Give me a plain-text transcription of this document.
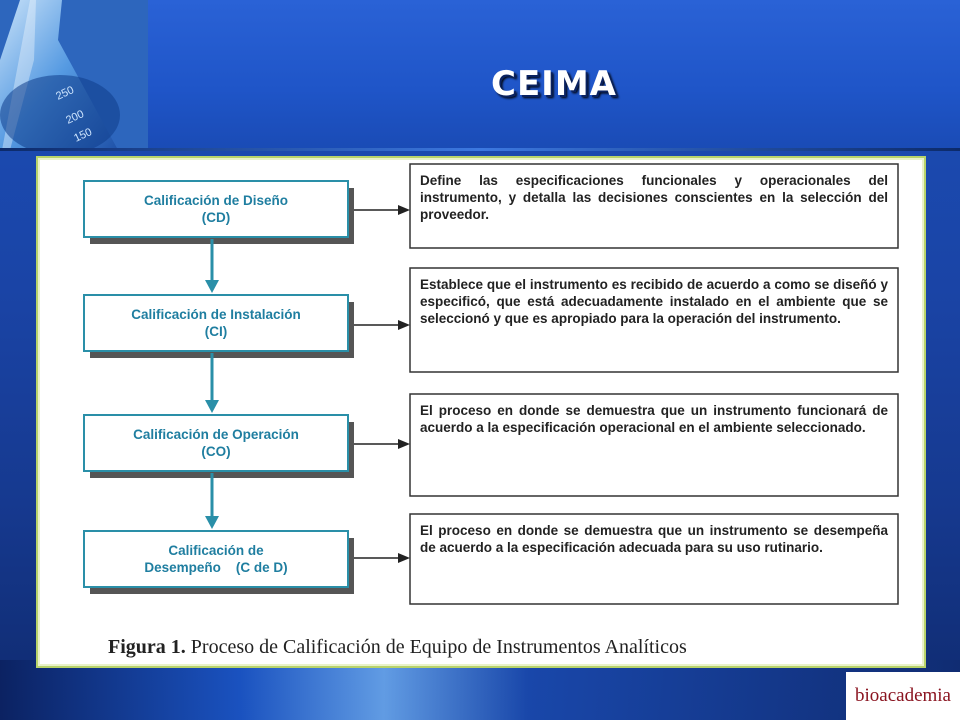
250
200
150
CEIMA
Calificación de Diseño
(CD)
Calificación de Instalación
(CI)
Calificación de Operación
(CO)
Calificación de
Desempeño    (C de D)
Define las especificaciones funcionales y operacionales del instrumento, y detalla las decisiones conscientes en la selección del proveedor.
Establece que el instrumento es recibido de acuerdo a como se diseñó y especificó, que está adecuadamente instalado en el ambiente que se seleccionó y que es apropiado para la operación del instrumento.
El proceso en donde se demuestra que un instrumento funcionará de acuerdo a la especificación operacional en el ambiente seleccionado.
El proceso en donde se demuestra que un instrumento se desempeña de acuerdo a la especificación adecuada para su uso rutinario.
Figura 1. Proceso de Calificación de Equipo de Instrumentos Analíticos
bioacademia
